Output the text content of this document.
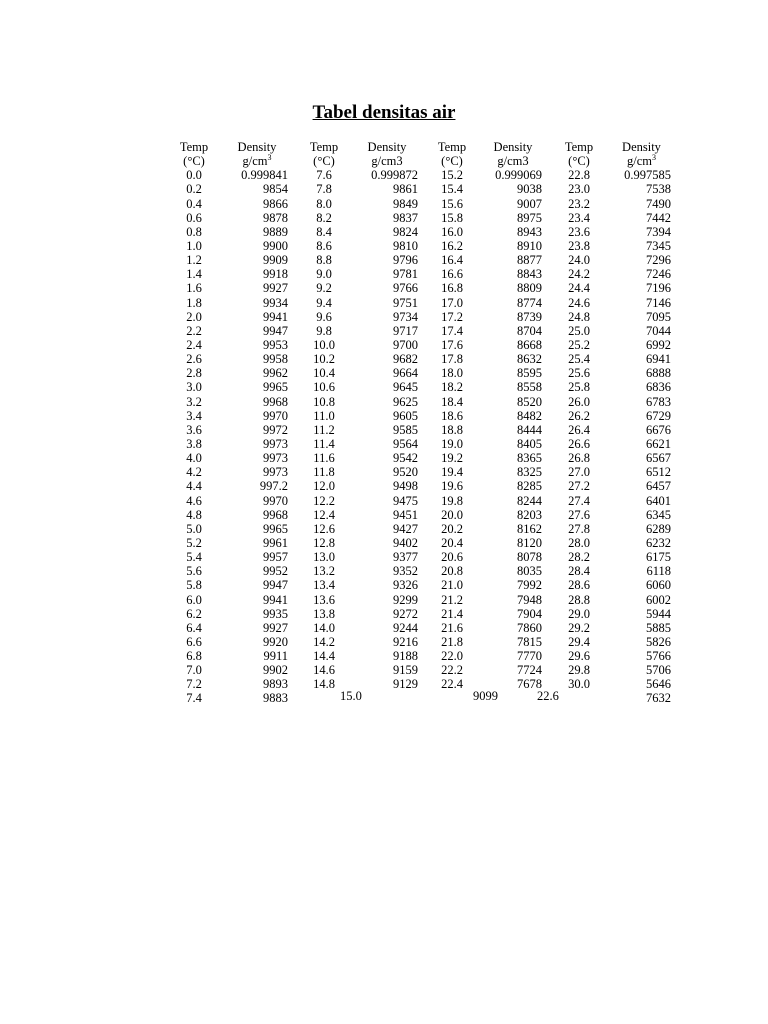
Tabel densitas air
Temp
(°C)
0.0
0.2
0.4
0.6
0.8
1.0
1.2
1.4
1.6
1.8
2.0
2.2
2.4
2.6
2.8
3.0
3.2
3.4
3.6
3.8
4.0
4.2
4.4
4.6
4.8
5.0
5.2
5.4
5.6
5.8
6.0
6.2
6.4
6.6
6.8
7.0
7.2
7.4
Density
$g/cm^3$
0.999841
9854
9866
9878
9889
9900
9909
9918
9927
9934
9941
9947
9953
9958
9962
9965
9968
9970
9972
9973
9973
9973
997.2
9970
9968
9965
9961
9957
9952
9947
9941
9935
9927
9920
9911
9902
9893
9883
Temp
(°C)
7.6
7.8
8.0
8.2
8.4
8.6
8.8
9.0
9.2
9.4
9.6
9.8
10.0
10.2
10.4
10.6
10.8
11.0
11.2
11.4
11.6
11.8
12.0
12.2
12.4
12.6
12.8
13.0
13.2
13.4
13.6
13.8
14.0
14.2
14.4
14.6
14.8
Density
g/cm3
0.999872
9861
9849
9837
9824
9810
9796
9781
9766
9751
9734
9717
9700
9682
9664
9645
9625
9605
9585
9564
9542
9520
9498
9475
9451
9427
9402
9377
9352
9326
9299
9272
9244
9216
9188
9159
9129
Temp
(°C)
15.2
15.4
15.6
15.8
16.0
16.2
16.4
16.6
16.8
17.0
17.2
17.4
17.6
17.8
18.0
18.2
18.4
18.6
18.8
19.0
19.2
19.4
19.6
19.8
20.0
20.2
20.4
20.6
20.8
21.0
21.2
21.4
21.6
21.8
22.0
22.2
22.4
Density
g/cm3
0.999069
9038
9007
8975
8943
8910
8877
8843
8809
8774
8739
8704
8668
8632
8595
8558
8520
8482
8444
8405
8365
8325
8285
8244
8203
8162
8120
8078
8035
7992
7948
7904
7860
7815
7770
7724
7678
Temp
(°C)
22.8
23.0
23.2
23.4
23.6
23.8
24.0
24.2
24.4
24.6
24.8
25.0
25.2
25.4
25.6
25.8
26.0
26.2
26.4
26.6
26.8
27.0
27.2
27.4
27.6
27.8
28.0
28.2
28.4
28.6
28.8
29.0
29.2
29.4
29.6
29.8
30.0
Density
$g/cm^3$
0.997585
7538
7490
7442
7394
7345
7296
7246
7196
7146
7095
7044
6992
6941
6888
6836
6783
6729
6676
6621
6567
6512
6457
6401
6345
6289
6232
6175
6118
6060
6002
5944
5885
5826
5766
5706
5646
7632
15.0	9099	22.6
